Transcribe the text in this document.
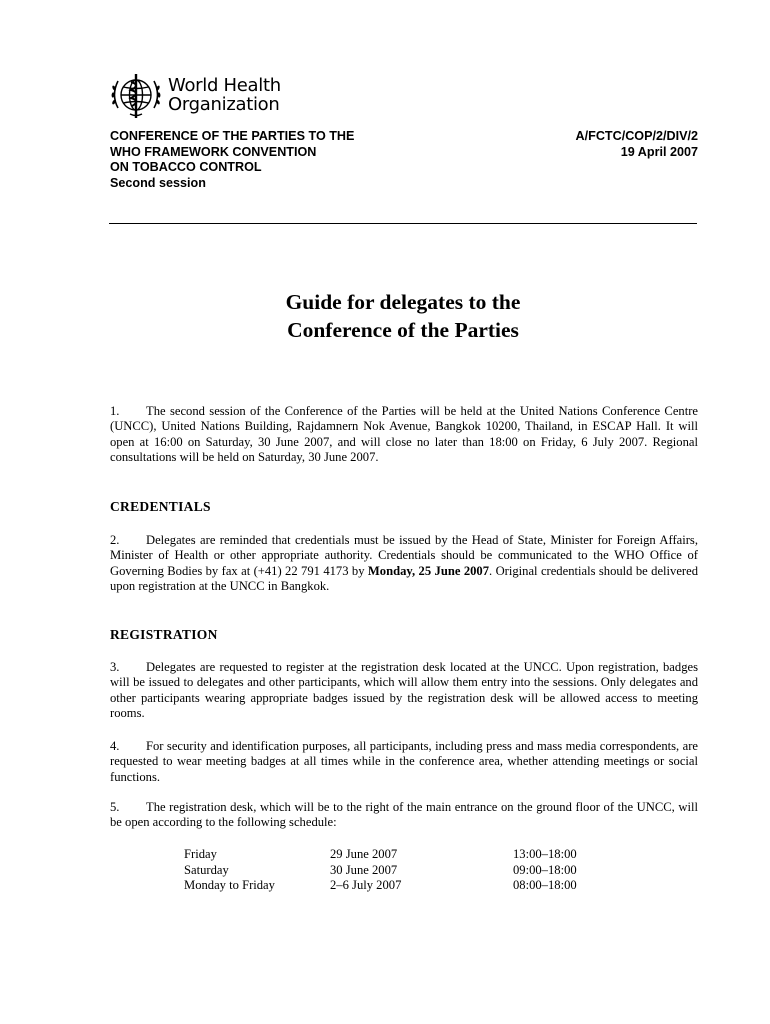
World Health
Organization
CONFERENCE OF THE PARTIES TO THE
WHO FRAMEWORK CONVENTION
ON TOBACCO CONTROL
Second session
A/FCTC/COP/2/DIV/2
19 April 2007
Guide for delegates to the
Conference of the Parties
1. The second session of the Conference of the Parties will be held at the United Nations Conference Centre (UNCC), United Nations Building, Rajdamnern Nok Avenue, Bangkok 10200, Thailand, in ESCAP Hall. It will open at 16:00 on Saturday, 30 June 2007, and will close no later than 18:00 on Friday, 6 July 2007. Regional consultations will be held on Saturday, 30 June 2007.
CREDENTIALS
2. Delegates are reminded that credentials must be issued by the Head of State, Minister for Foreign Affairs, Minister of Health or other appropriate authority. Credentials should be communicated to the WHO Office of Governing Bodies by fax at (+41) 22 791 4173 by Monday, 25 June 2007. Original credentials should be delivered upon registration at the UNCC in Bangkok.
REGISTRATION
3. Delegates are requested to register at the registration desk located at the UNCC. Upon registration, badges will be issued to delegates and other participants, which will allow them entry into the sessions. Only delegates and other participants wearing appropriate badges issued by the registration desk will be allowed access to meeting rooms.
4. For security and identification purposes, all participants, including press and mass media correspondents, are requested to wear meeting badges at all times while in the conference area, whether attending meetings or social functions.
5. The registration desk, which will be to the right of the main entrance on the ground floor of the UNCC, will be open according to the following schedule:
Friday	29 June 2007	13:00–18:00
Saturday	30 June 2007	09:00–18:00
Monday to Friday	2–6 July 2007	08:00–18:00
